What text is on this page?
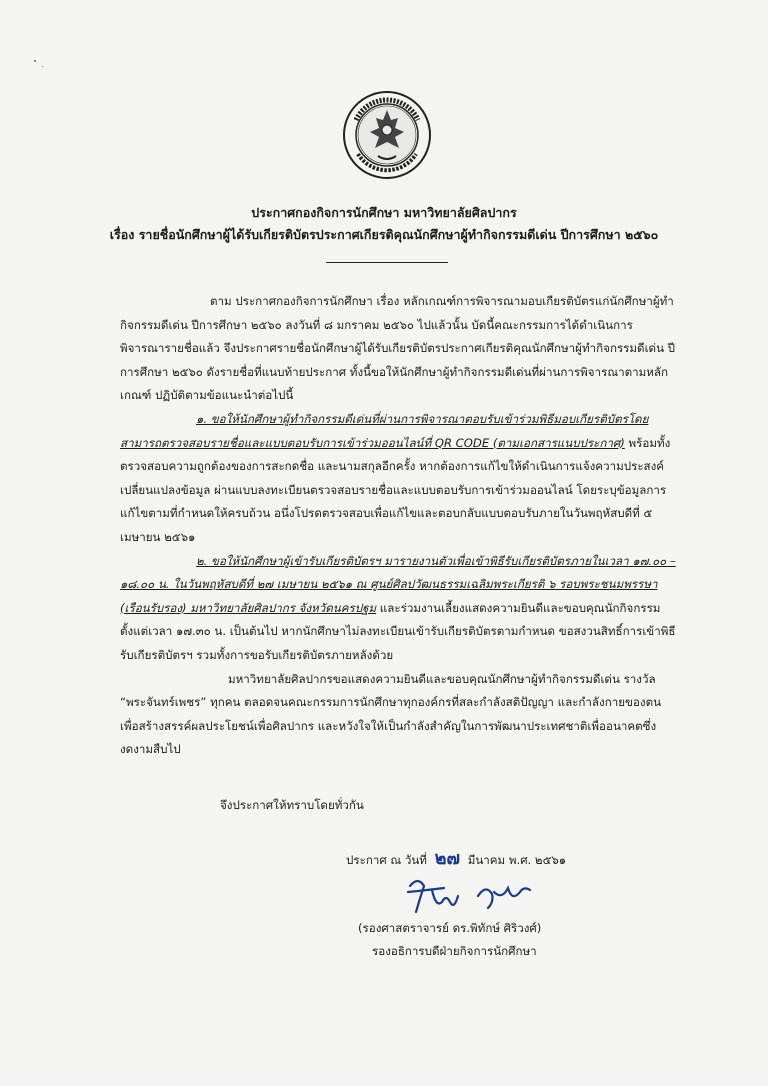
ประกาศกองกิจการนักศึกษา มหาวิทยาลัยศิลปากร
เรื่อง รายชื่อนักศึกษาผู้ได้รับเกียรติบัตรประกาศเกียรติคุณนักศึกษาผู้ทำกิจกรรมดีเด่น ปีการศึกษา ๒๕๖๐

ตาม ประกาศกองกิจการนักศึกษา เรื่อง หลักเกณฑ์การพิจารณามอบเกียรติบัตรแก่นักศึกษาผู้ทำกิจกรรมดีเด่น ปีการศึกษา ๒๕๖๐ ลงวันที่ ๘ มกราคม ๒๕๖๐ ไปแล้วนั้น บัดนี้คณะกรรมการได้ดำเนินการพิจารณารายชื่อแล้ว จึงประกาศรายชื่อนักศึกษาผู้ได้รับเกียรติบัตรประกาศเกียรติคุณนักศึกษาผู้ทำกิจกรรมดีเด่น ปีการศึกษา ๒๕๖๐ ดังรายชื่อที่แนบท้ายประกาศ ทั้งนี้ขอให้นักศึกษาผู้ทำกิจกรรมดีเด่นที่ผ่านการพิจารณาตามหลักเกณฑ์ ปฏิบัติตามข้อแนะนำต่อไปนี้

๑. ขอให้นักศึกษาผู้ทำกิจกรรมดีเด่นที่ผ่านการพิจารณาตอบรับเข้าร่วมพิธีมอบเกียรติบัตรโดยสามารถตรวจสอบรายชื่อและแบบตอบรับการเข้าร่วมออนไลน์ที่ QR CODE (ตามเอกสารแนบประกาศ) พร้อมทั้งตรวจสอบความถูกต้องของการสะกดชื่อ และนามสกุลอีกครั้ง หากต้องการแก้ไขให้ดำเนินการแจ้งความประสงค์เปลี่ยนแปลงข้อมูล ผ่านแบบลงทะเบียนตรวจสอบรายชื่อและแบบตอบรับการเข้าร่วมออนไลน์ โดยระบุข้อมูลการแก้ไขตามที่กำหนดให้ครบถ้วน อนึ่งโปรดตรวจสอบเพื่อแก้ไขและตอบกลับแบบตอบรับภายในวันพฤหัสบดีที่ ๕ เมษายน ๒๕๖๑

๒. ขอให้นักศึกษาผู้เข้ารับเกียรติบัตรฯ มารายงานตัวเพื่อเข้าพิธีรับเกียรติบัตรภายในเวลา ๑๗.๐๐ – ๑๘.๐๐ น. ในวันพฤหัสบดีที่ ๒๗ เมษายน ๒๕๖๑ ณ ศูนย์ศิลปวัฒนธรรมเฉลิมพระเกียรติ ๖ รอบพระชนมพรรษา (เรือนรับรอง) มหาวิทยาลัยศิลปากร จังหวัดนครปฐม และร่วมงานเลี้ยงแสดงความยินดีและขอบคุณนักกิจกรรม ตั้งแต่เวลา ๑๗.๓๐ น. เป็นต้นไป หากนักศึกษาไม่ลงทะเบียนเข้ารับเกียรติบัตรตามกำหนด ขอสงวนสิทธิ์การเข้าพิธีรับเกียรติบัตรฯ รวมทั้งการขอรับเกียรติบัตรภายหลังด้วย

มหาวิทยาลัยศิลปากรขอแสดงความยินดีและขอบคุณนักศึกษาผู้ทำกิจกรรมดีเด่น รางวัล “พระจันทร์เพชร” ทุกคน ตลอดจนคณะกรรมการนักศึกษาทุกองค์กรที่สละกำลังสติปัญญา และกำลังกายของตน เพื่อสร้างสรรค์ผลประโยชน์เพื่อศิลปากร และหวังใจให้เป็นกำลังสำคัญในการพัฒนาประเทศชาติเพื่ออนาคตซึ่งงดงามสืบไป

จึงประกาศให้ทราบโดยทั่วกัน
ประกาศ ณ วันที่ ๒๗ มีนาคม พ.ศ. ๒๕๖๑
(รองศาสตราจารย์ ดร.พิทักษ์ ศิริวงศ์)
รองอธิการบดีฝ่ายกิจการนักศึกษา
